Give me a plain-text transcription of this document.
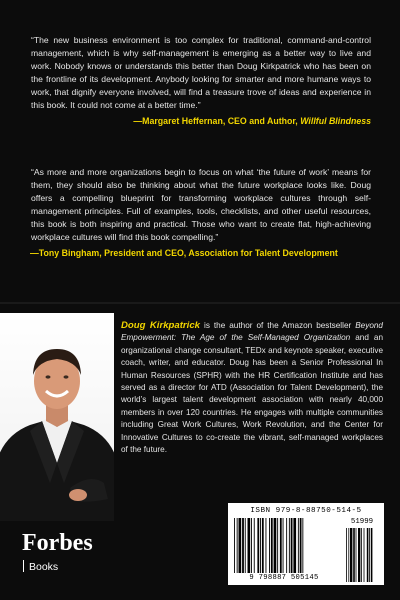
“The new business environment is too complex for traditional, command-and-control management, which is why self-management is emerging as a better way to live and work. Nobody knows or understands this better than Doug Kirkpatrick who has been on the frontline of its development. Anybody looking for smarter and more humane ways to work, that dignify everyone involved, will find a treasure trove of ideas and experience in this book. It could not come at a better time.”
—Margaret Heffernan, CEO and Author, Willful Blindness
“As more and more organizations begin to focus on what ‘the future of work’ means for them, they should also be thinking about what the future workplace looks like. Doug offers a compelling blueprint for transforming workplace cultures through self-management principles. Full of examples, tools, checklists, and other useful resources, this book is both inspiring and practical. Those who want to create flat, high-achieving workplace cultures will find this book compelling.”
—Tony Bingham, President and CEO, Association for Talent Development
Doug Kirkpatrick is the author of the Amazon bestseller Beyond Empowerment: The Age of the Self-Managed Organization and an organizational change consultant, TEDx and keynote speaker, executive coach, writer, and educator. Doug has been a Senior Professional In Human Resources (SPHR) with the HR Certification Institute and has served as a director for ATD (Association for Talent Development), the world’s largest talent development association with nearly 40,000 members in over 120 countries. He engages with multiple communities including Great Work Cultures, Work Revolution, and the Center for Innovative Cultures to co-create the vibrant, self-managed workplaces of the future.
ISBN 979-8-88750-514-5
51999
9 798887 505145
Forbes
Books
